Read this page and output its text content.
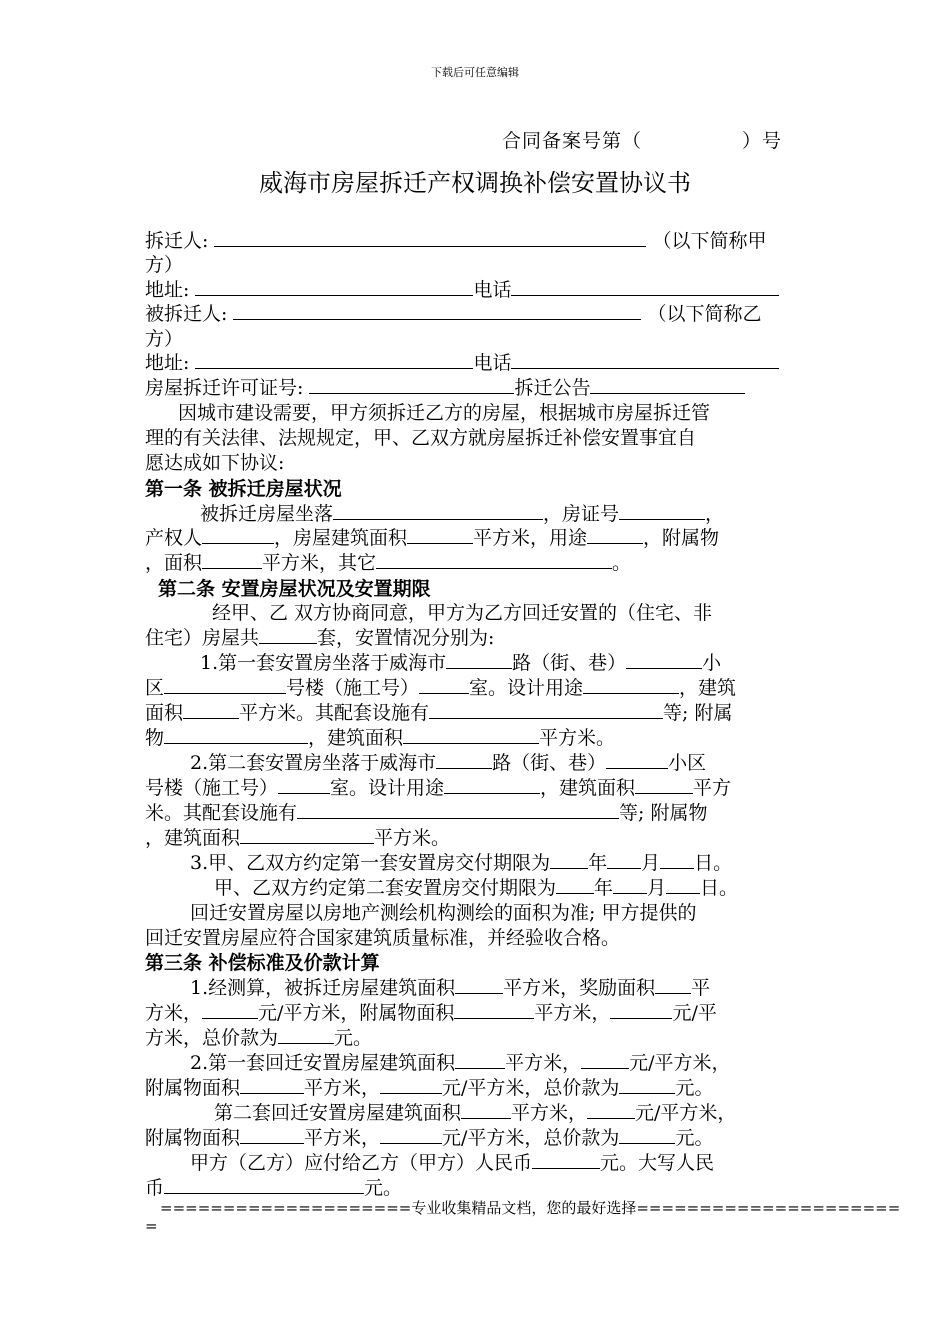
下载后可任意编辑
合同备案号第（	）号
威海市房屋拆迁产权调换补偿安置协议书
拆迁人:	（以下简称甲
方）
地址:	电话
被拆迁人:	（以下简称乙
方）
地址:	电话
房屋拆迁许可证号:	拆迁公告
因城市建设需要，甲方须拆迁乙方的房屋，根据城市房屋拆迁管
理的有关法律、法规规定，甲、乙双方就房屋拆迁补偿安置事宜自
愿达成如下协议:
第一条 被拆迁房屋状况
被拆迁房屋坐落	，房证号	，
产权人	，房屋建筑面积	平方米，用途	，附属物
，面积	平方米，其它	。
第二条 安置房屋状况及安置期限
经甲、乙 双方协商同意，甲方为乙方回迁安置的（住宅、非
住宅）房屋共	套，安置情况分别为:
1.第一套安置房坐落于威海市	路（街、巷）	小
区	号楼（施工号）	室。设计用途	，建筑
面积	平方米。其配套设施有	等; 附属
物	，建筑面积	平方米。
2.第二套安置房坐落于威海市	路（街、巷）	小区
号楼（施工号）	室。设计用途	，建筑面积	平方
米。其配套设施有	等; 附属物
，建筑面积	平方米。
3.甲、乙双方约定第一套安置房交付期限为 年 月 日。
甲、乙双方约定第二套安置房交付期限为 年 月 日。
回迁安置房屋以房地产测绘机构测绘的面积为准; 甲方提供的
回迁安置房屋应符合国家建筑质量标准，并经验收合格。
第三条 补偿标准及价款计算
1.经测算，被拆迁房屋建筑面积	平方米，奖励面积 平
方米，	元/平方米，附属物面积	平方米，	元/平
方米，总价款为	元。
2.第一套回迁安置房屋建筑面积	平方米，	元/平方米，
附属物面积	平方米，	元/平方米，总价款为	元。
第二套回迁安置房屋建筑面积	平方米，	元/平方米，
附属物面积	平方米，	元/平方米，总价款为	元。
甲方（乙方）应付给乙方（甲方）人民币	元。大写人民
币	元。
====================专业收集精品文档，您的最好选择=====================
=
